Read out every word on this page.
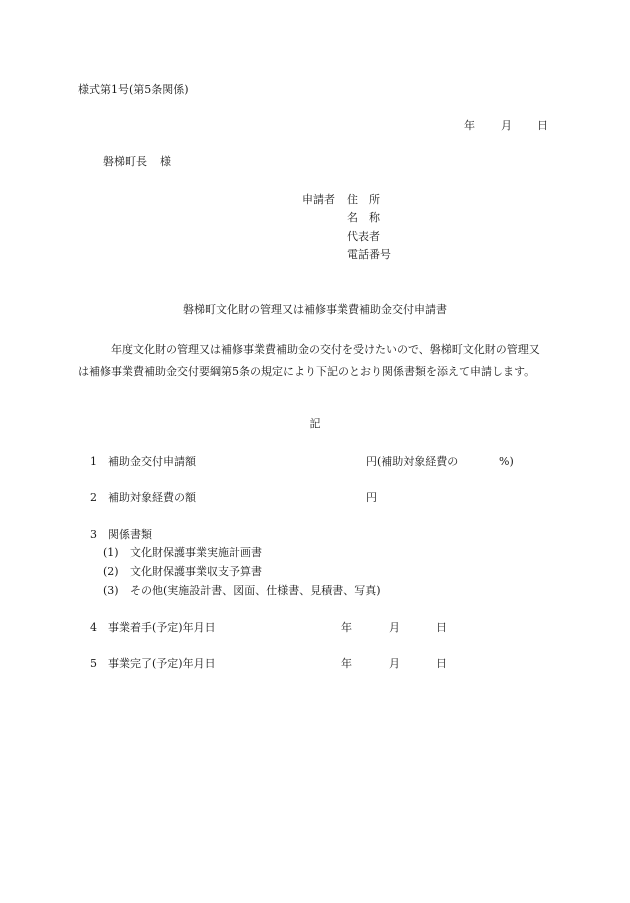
様式第1号(第5条関係)
年 月 日
磐梯町長 様
申請者 住　所
名　称
代表者
電話番号
磐梯町文化財の管理又は補修事業費補助金交付申請書
年度文化財の管理又は補修事業費補助金の交付を受けたいので、磐梯町文化財の管理又は補修事業費補助金交付要綱第5条の規定により下記のとおり関係書類を添えて申請します。
記
1 補助金交付申請額	円(補助対象経費の	%)
2 補助対象経費の額	円
3 関係書類
(1) 文化財保護事業実施計画書
(2) 文化財保護事業収支予算書
(3) その他(実施設計書、図面、仕様書、見積書、写真)
4 事業着手(予定)年月日	年	月	日
5 事業完了(予定)年月日	年	月	日
